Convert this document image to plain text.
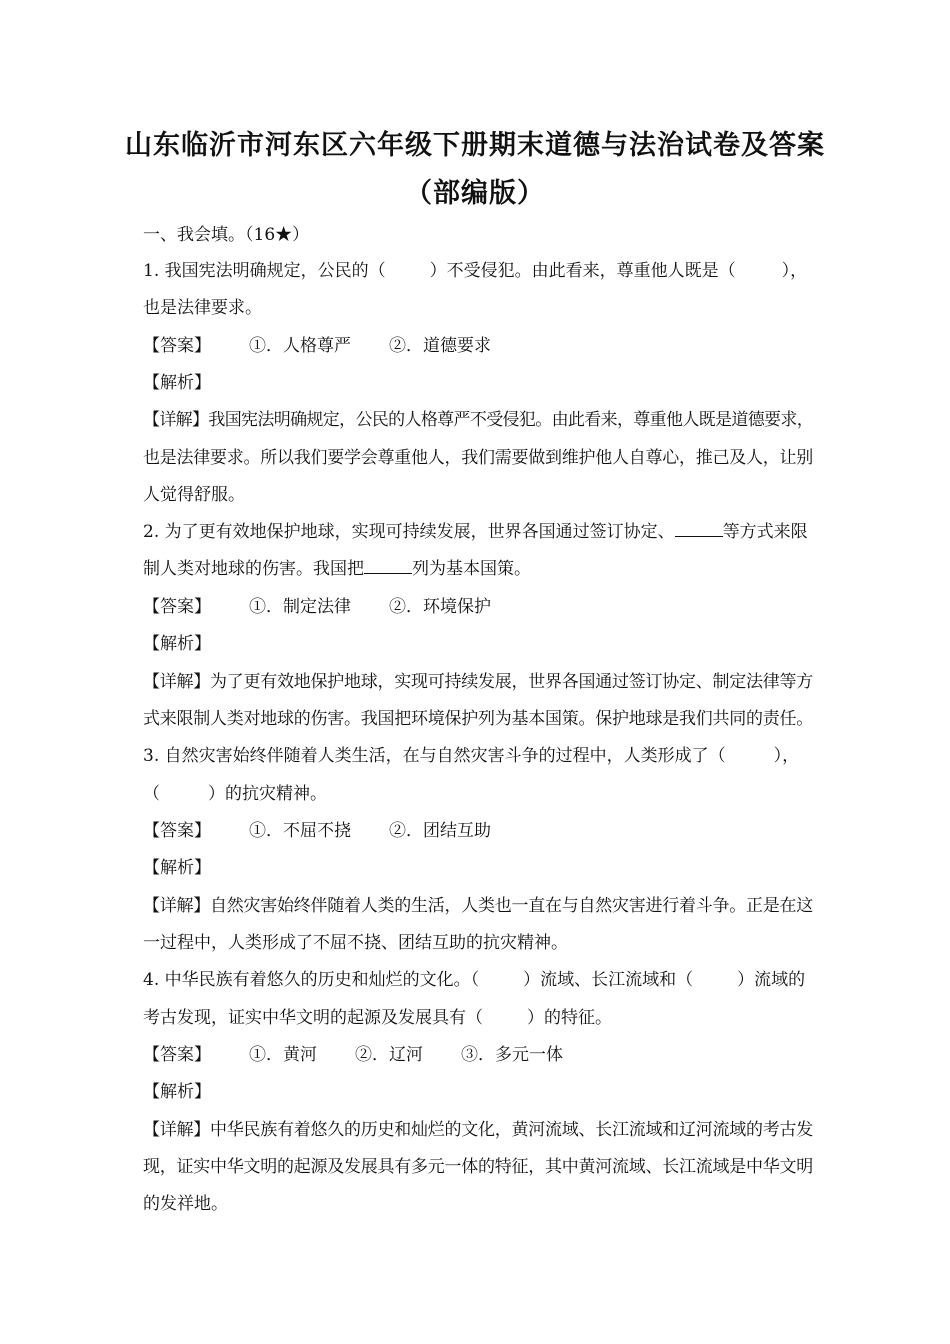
山东临沂市河东区六年级下册期末道德与法治试卷及答案
（部编版）
一、我会填。（16★）
1. 我国宪法明确规定，公民的（	）不受侵犯。由此看来，尊重他人既是（	），
也是法律要求。
【答案】 ①．人格尊严 ②．道德要求
【解析】
【详解】我国宪法明确规定，公民的人格尊严不受侵犯。由此看来，尊重他人既是道德要求，
也是法律要求。所以我们要学会尊重他人，我们需要做到维护他人自尊心，推己及人，让别
人觉得舒服。
2. 为了更有效地保护地球，实现可持续发展，世界各国通过签订协定、	等方式来限
制人类对地球的伤害。我国把	列为基本国策。
【答案】 ①．制定法律 ②．环境保护
【解析】
【详解】为了更有效地保护地球，实现可持续发展，世界各国通过签订协定、制定法律等方
式来限制人类对地球的伤害。我国把环境保护列为基本国策。保护地球是我们共同的责任。
3. 自然灾害始终伴随着人类生活，在与自然灾害斗争的过程中，人类形成了（	），
（	）的抗灾精神。
【答案】 ①．不屈不挠 ②．团结互助
【解析】
【详解】自然灾害始终伴随着人类的生活，人类也一直在与自然灾害进行着斗争。正是在这
一过程中，人类形成了不屈不挠、团结互助的抗灾精神。
4. 中华民族有着悠久的历史和灿烂的文化。（	）流域、长江流域和（	）流域的
考古发现，证实中华文明的起源及发展具有（	）的特征。
【答案】 ①．黄河 ②．辽河 ③．多元一体
【解析】
【详解】中华民族有着悠久的历史和灿烂的文化，黄河流域、长江流域和辽河流域的考古发
现，证实中华文明的起源及发展具有多元一体的特征，其中黄河流域、长江流域是中华文明
的发祥地。
